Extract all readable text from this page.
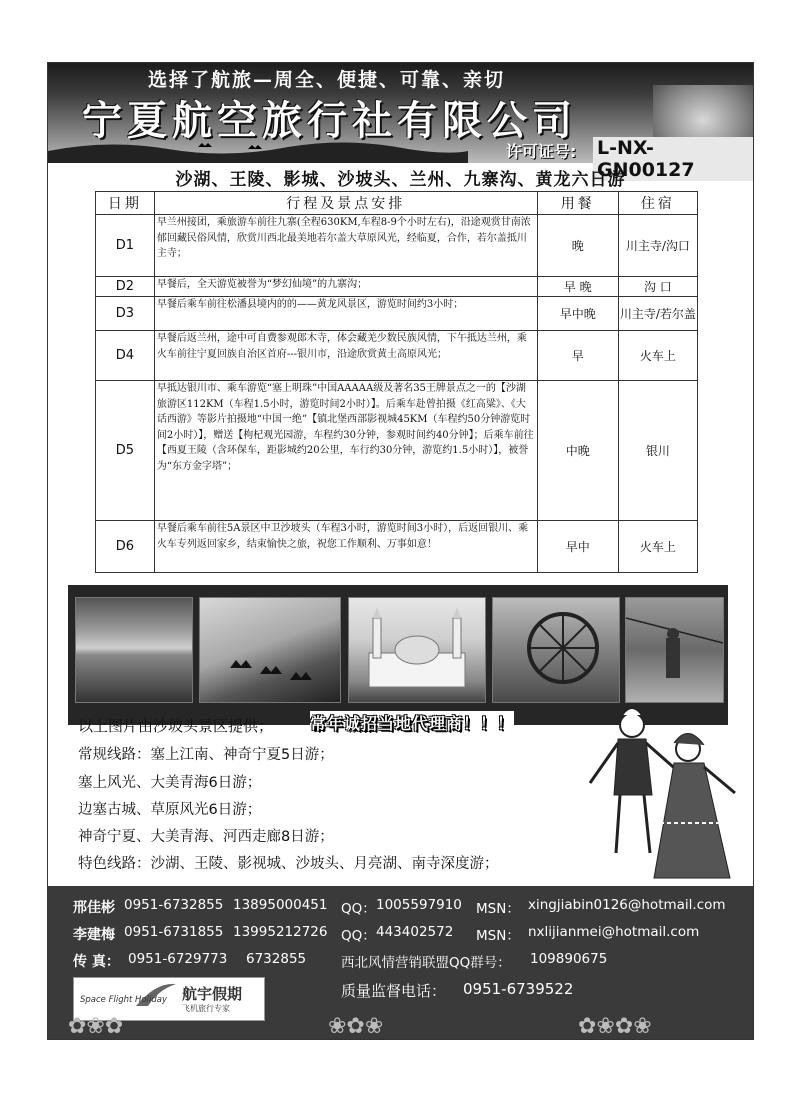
选择了航旅—周全、便捷、可靠、亲切
宁夏航空旅行社有限公司
许可证号: L-NX-GN00127
沙湖、王陵、影城、沙坡头、兰州、九寨沟、黄龙六日游
日期	行程及景点安排	用餐	住宿
D1	早兰州接团，乘旅游车前往九寨(全程630KM,车程8-9个小时左右)，沿途观赏甘南浓郁回藏民俗风情，欣赏川西北最美地若尔盖大草原风光，经临夏，合作，若尔盖抵川主寺；	晚	川主寺/沟口
D2	早餐后，全天游览被誉为“梦幻仙境”的九寨沟；	早 晚	沟 口
D3	早餐后乘车前往松潘县境内的的——黄龙风景区，游览时间约3小时；	早中晚	川主寺/若尔盖
D4	早餐后返兰州，途中可自费参观郎木寺，体会藏羌少数民族风情，下午抵达兰州，乘火车前往宁夏回族自治区首府---银川市，沿途欣赏黄土高原风光；	早	火车上
D5	早抵达银川市、乘车游览“塞上明珠”中国AAAAA级及著名35王牌景点之一的【沙湖旅游区112KM（车程1.5小时，游览时间2小时）】。后乘车赴曾拍摄《红高粱》、《大话西游》等影片拍摄地“中国一绝”【镇北堡西部影视城45KM（车程约50分钟游览时间2小时）】，赠送【枸杞观光园游，车程约30分钟，参观时间约40分钟】；后乘车前往【西夏王陵（含环保车，距影城约20公里，车行约30分钟，游览约1.5小时）】，被誉为“东方金字塔”；	中晚	银川
D6	早餐后乘车前往5A景区中卫沙坡头（车程3小时，游览时间3小时），后返回银川、乘火车专列返回家乡，结束愉快之旅，祝您工作顺利、万事如意！	早中	火车上
以上图片由沙坡头景区提供； 常年诚招当地代理商！！！
常规线路：塞上江南、神奇宁夏5日游；
塞上风光、大美青海6日游；
边塞古城、草原风光6日游；
神奇宁夏、大美青海、河西走廊8日游；
特色线路：沙湖、王陵、影视城、沙坡头、月亮湖、南寺深度游；
邢佳彬 0951-6732855 13895000451 QQ： 1005597910 MSN： xingjiabin0126@hotmail.com
李建梅 0951-6731855 13995212726 QQ： 443402572 MSN： nxlijianmei@hotmail.com
传 真： 0951-6729773 6732855	西北风情营销联盟QQ群号： 109890675
质量监督电话： 0951-6739522
Space Flight Holiday 航宇假期
飞机旅行专家
✿❀✿	❀✿❀	✿❀✿❀
